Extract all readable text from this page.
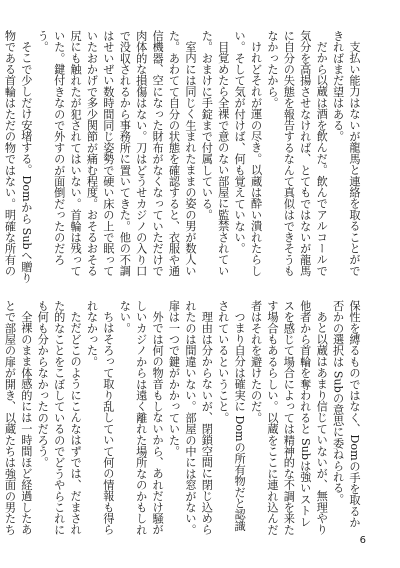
支払い能力はないが龍馬と連絡を取ることができればまだ望はある。

だから以蔵は酒を飲んだ。飲んでアルコールで気分を高揚させなければ、とてもではないが龍馬に自分の失態を報告するなんて真似はできそうもなかったから。

けれどそれが運の尽き。以蔵は酔い潰れたらしい。そして気が付けば、何も覚えていない。

目覚めたら全裸で意のない部屋に監禁されていた。おまけに手錠まで付属している。

室内には同じく生まれたままの姿の男が数人いた。あわてて自分の状態を確認すると、衣服や通信機器、空になった財布がなくなっていただけで肉体的な損傷はない。刀はどうせカジノの入り口で没収されるから事務所に置いてきた。他の不調はせいぜい数時間同じ姿勢で硬い床の上で眠っていたおかげで多少関節が痛む程度。おそるおそる尻にも触れたが犯されてはいない。首輪は残っていた。鍵付きなので外すのが面倒だったのだろう。

そこで少しだけ安堵する。Domから Subへ贈り物である首輪はただの物ではない。明確な所有の

保性を縛るものではなく、Domの手を取るか否かの選択は Subの意思に委ねられる。

あと以蔵はあまり信じていないが、無理やり他者から首輪を奪われると Subは強いストレスを感じて場合によっては精神的な不調を来たす場合もあるらしい。以蔵をここに連れ込んだ者はそれを避けたのだ。

つまり自分は確実に Domの所有物だと認識されているということ。

理由は分からないが、閉鎖空間に閉じ込められたのは間違いない。部屋の中には窓がない。扉は一つで鍵がかかっていた。

外では何の物音もしないから、あれだけ騒がしいカジノからは遠く離れた場所なのかもしれない。

ちはそろって取り乱していて何の情報も得られなかった。

ただどこのようにこんなはずでは、だまされた的なことをこぼしているのでどうやらこれにも何も分からなかったのだろう。

全裸のまま体感的には一時間ほど経過したあとで部屋の扉が開き、以蔵たちは強面の男たち

6
